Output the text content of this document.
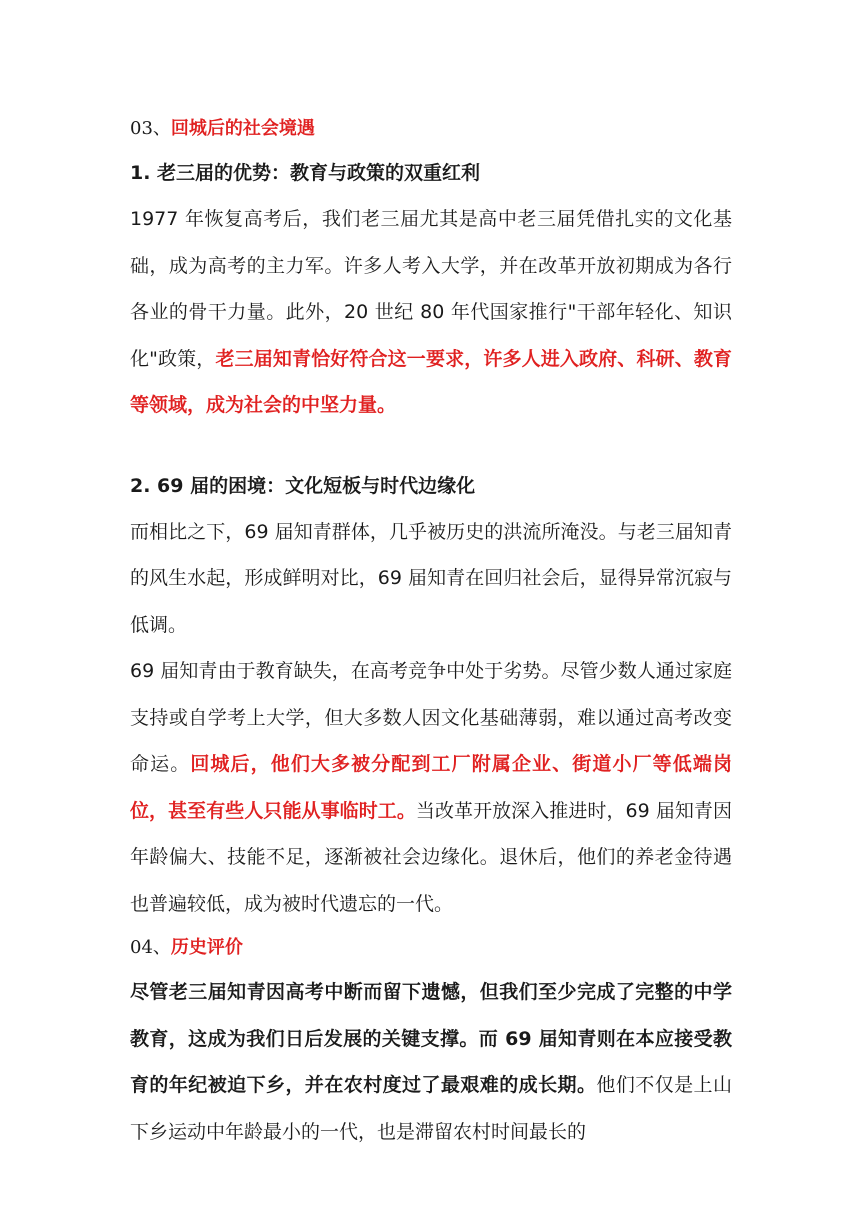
03、回城后的社会境遇
1. 老三届的优势：教育与政策的双重红利

1977 年恢复高考后，我们老三届尤其是高中老三届凭借扎实的文化基础，成为高考的主力军。许多人考入大学，并在改革开放初期成为各行各业的骨干力量。此外，20 世纪 80 年代国家推行"干部年轻化、知识化"政策，老三届知青恰好符合这一要求，许多人进入政府、科研、教育等领域，成为社会的中坚力量。

2. 69 届的困境：文化短板与时代边缘化

而相比之下，69 届知青群体，几乎被历史的洪流所淹没。与老三届知青的风生水起，形成鲜明对比，69 届知青在回归社会后，显得异常沉寂与低调。

69 届知青由于教育缺失，在高考竞争中处于劣势。尽管少数人通过家庭支持或自学考上大学，但大多数人因文化基础薄弱，难以通过高考改变命运。回城后，他们大多被分配到工厂附属企业、街道小厂等低端岗位，甚至有些人只能从事临时工。当改革开放深入推进时，69 届知青因年龄偏大、技能不足，逐渐被社会边缘化。退休后，他们的养老金待遇也普遍较低，成为被时代遗忘的一代。

04、历史评价

尽管老三届知青因高考中断而留下遗憾，但我们至少完成了完整的中学教育，这成为我们日后发展的关键支撑。而 69 届知青则在本应接受教育的年纪被迫下乡，并在农村度过了最艰难的成长期。他们不仅是上山下乡运动中年龄最小的一代，也是滞留农村时间最长的
